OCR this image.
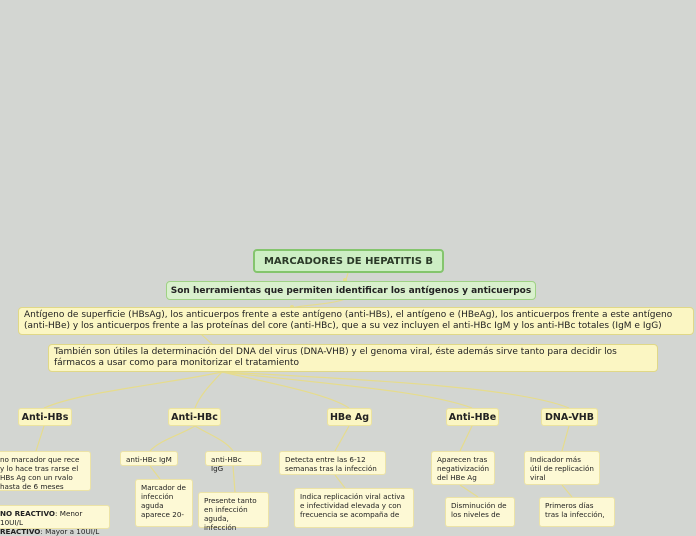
MARCADORES DE HEPATITIS B
Son herramientas que permiten identificar los antígenos y anticuerpos
Antígeno de superficie (HBsAg), los anticuerpos frente a este antígeno (anti-HBs), el antígeno e (HBeAg), los anticuerpos frente a este antígeno (anti-HBe) y los anticuerpos frente a las proteínas del core (anti-HBc), que a su vez incluyen el anti-HBc IgM y los anti-HBc totales (IgM e IgG)
También son útiles la determinación del DNA del virus (DNA-VHB) y el genoma viral, éste además sirve tanto para decidir los fármacos a usar como para monitorizar el tratamiento
Anti-HBs	Anti-HBc	HBe Ag	Anti-HBe	DNA-VHB
no marcador que rece y lo hace tras rarse el HBs Ag con un rvalo hasta de 6 meses
NO REACTIVO: Menor 10UI/L
REACTIVO: Mayor a 10UI/L
anti-HBc IgM	anti-HBc IgG
Marcador de infección aguda aparece 20-
Presente tanto en infección aguda, infección
Detecta entre las 6-12 semanas tras la infección
Indica replicación viral activa e infectividad elevada y con frecuencia se acompaña de
Aparecen tras negativización del HBe Ag
Disminución de los niveles de
Indicador más útil de replicación viral
Primeros días tras la infección,
